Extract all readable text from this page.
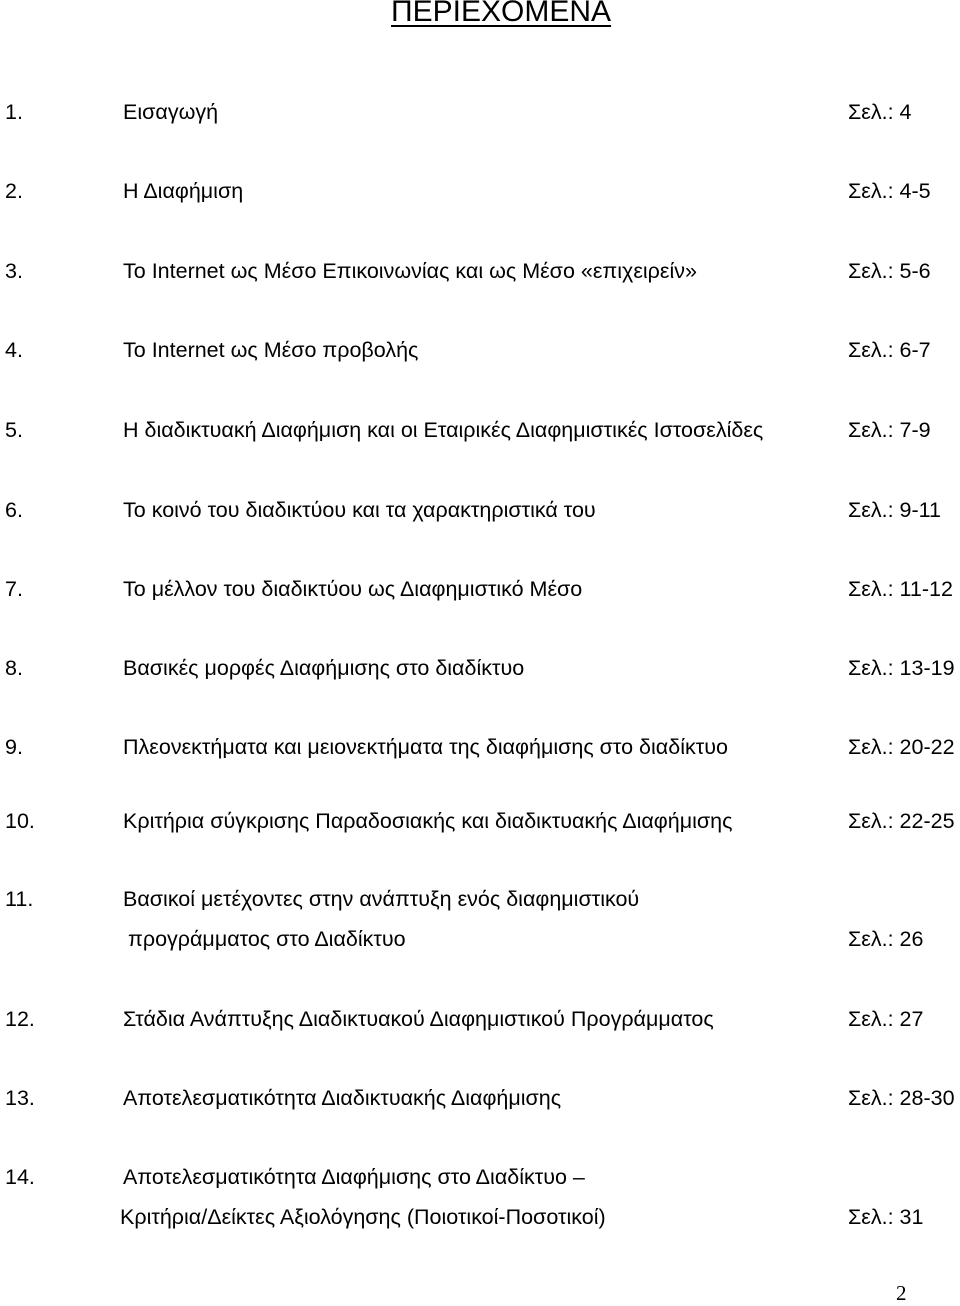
ΠΕΡΙΕΧΟΜΕΝΑ
1.	Εισαγωγή	Σελ.: 4
2.	Η Διαφήμιση	Σελ.: 4-5
3.	Το Internet ως Μέσο Επικοινωνίας και ως Μέσο «επιχειρείν»	Σελ.: 5-6
4.	Το Internet ως Μέσο προβολής	Σελ.: 6-7
5.	Η διαδικτυακή Διαφήμιση και οι Εταιρικές Διαφημιστικές Ιστοσελίδες	Σελ.: 7-9
6.	Το κοινό του διαδικτύου και τα χαρακτηριστικά του	Σελ.: 9-11
7.	Το μέλλον του διαδικτύου ως Διαφημιστικό Μέσο	Σελ.: 11-12
8.	Βασικές μορφές Διαφήμισης στο διαδίκτυο	Σελ.: 13-19
9.	Πλεονεκτήματα και μειονεκτήματα της διαφήμισης στο διαδίκτυο	Σελ.: 20-22
10.	Κριτήρια σύγκρισης Παραδοσιακής και διαδικτυακής Διαφήμισης	Σελ.: 22-25
11.	Βασικοί μετέχοντες στην ανάπτυξη ενός διαφημιστικού
προγράμματος στο Διαδίκτυο	Σελ.: 26
12.	Στάδια Ανάπτυξης Διαδικτυακού Διαφημιστικού Προγράμματος	Σελ.: 27
13.	Αποτελεσματικότητα Διαδικτυακής Διαφήμισης	Σελ.: 28-30
14.	Αποτελεσματικότητα Διαφήμισης στο Διαδίκτυο –
Κριτήρια/Δείκτες Αξιολόγησης (Ποιοτικοί-Ποσοτικοί)	Σελ.: 31
2
